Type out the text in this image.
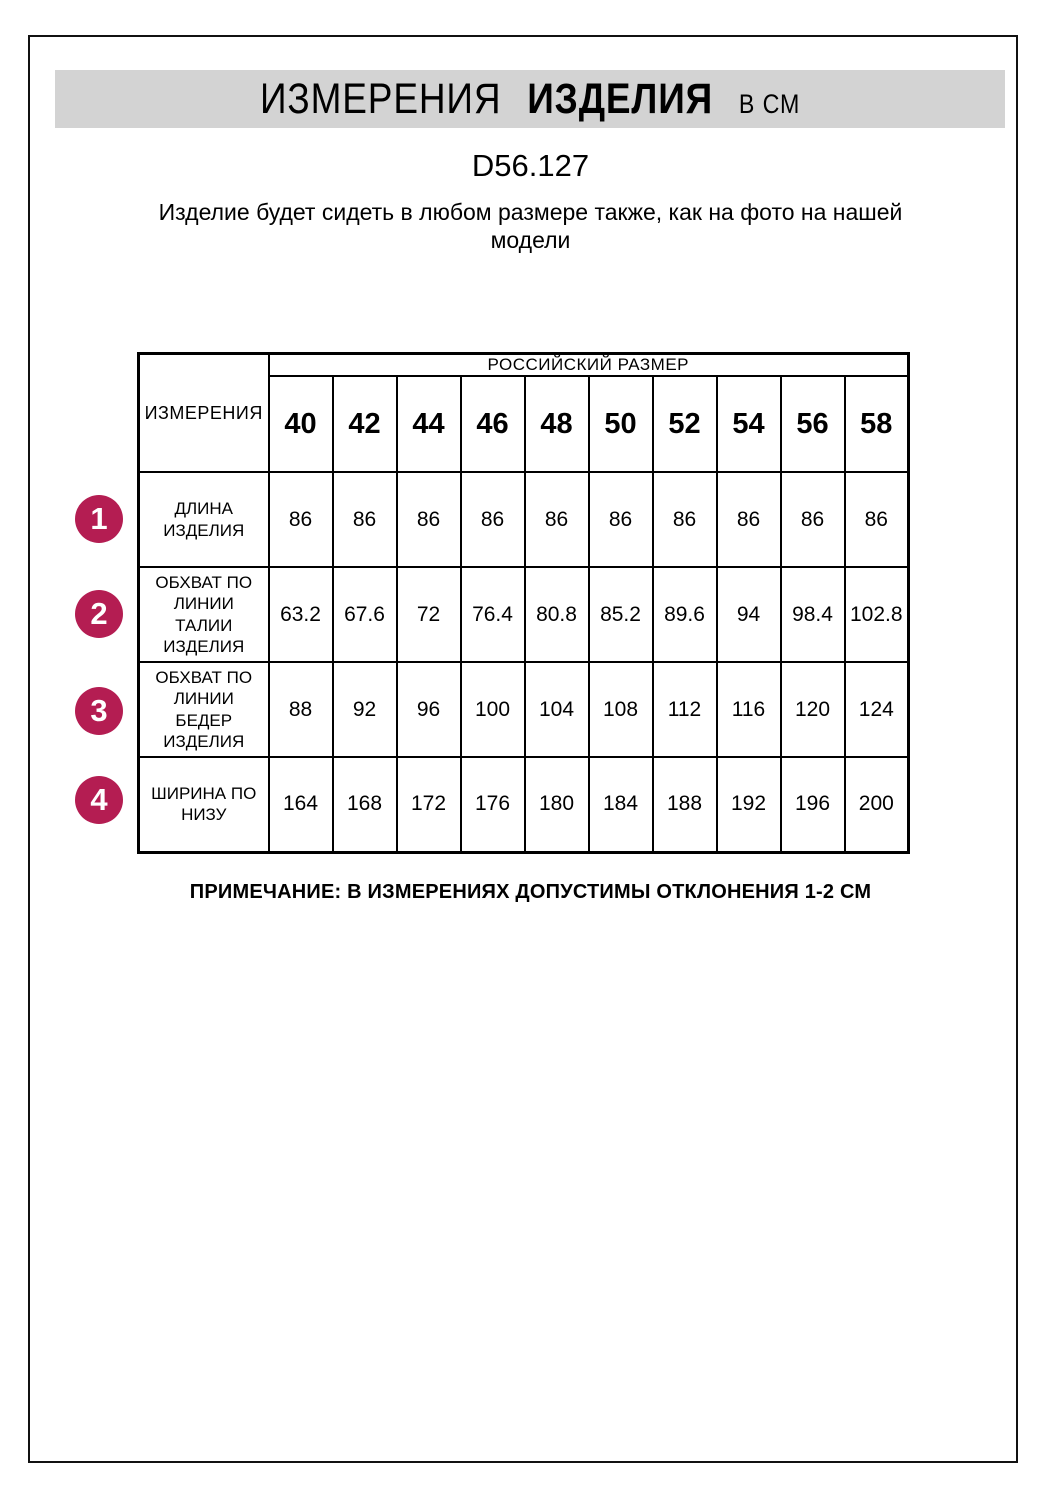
ИЗМЕРЕНИЯ ИЗДЕЛИЯ В СМ
D56.127
Изделие будет сидеть в любом размере также, как на фото на нашей модели
ИЗМЕРЕНИЯ	РОССИЙСКИЙ РАЗМЕР									
	40	42	44	46	48	50	52	54	56	58
ДЛИНА ИЗДЕЛИЯ	86	86	86	86	86	86	86	86	86	86
ОБХВАТ ПО ЛИНИИ ТАЛИИ ИЗДЕЛИЯ	63.2	67.6	72	76.4	80.8	85.2	89.6	94	98.4	102.8
ОБХВАТ ПО ЛИНИИ БЕДЕР ИЗДЕЛИЯ	88	92	96	100	104	108	112	116	120	124
ШИРИНА ПО НИЗУ	164	168	172	176	180	184	188	192	196	200
1
2
3
4
ПРИМЕЧАНИЕ: В ИЗМЕРЕНИЯХ ДОПУСТИМЫ ОТКЛОНЕНИЯ 1-2 СМ
